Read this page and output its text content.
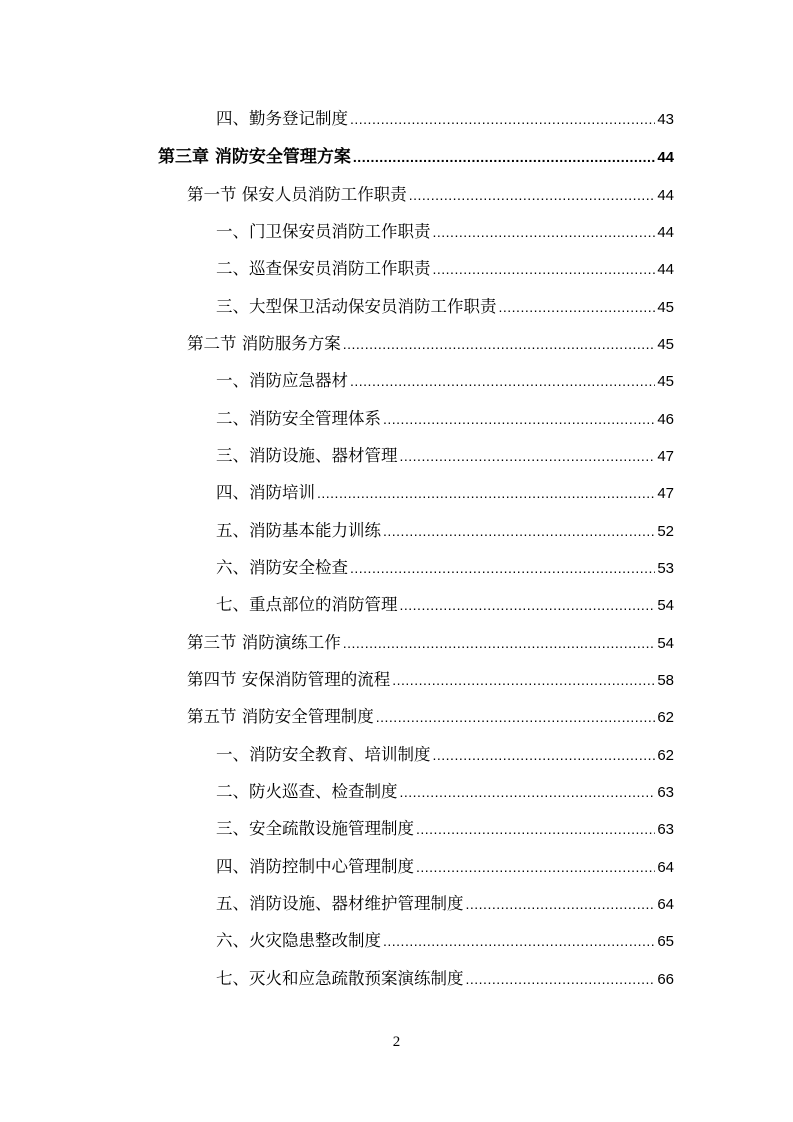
四、勤务登记制度 .....	43
第三章 消防安全管理方案 .....	44
第一节 保安人员消防工作职责 .....	44
一、门卫保安员消防工作职责 .....	44
二、巡查保安员消防工作职责 .....	44
三、大型保卫活动保安员消防工作职责 .....	45
第二节 消防服务方案 .....	45
一、消防应急器材 .....	45
二、消防安全管理体系 .....	46
三、消防设施、器材管理 .....	47
四、消防培训 .....	47
五、消防基本能力训练 .....	52
六、消防安全检查 .....	53
七、重点部位的消防管理 .....	54
第三节 消防演练工作 .....	54
第四节 安保消防管理的流程 .....	58
第五节 消防安全管理制度 .....	62
一、消防安全教育、培训制度 .....	62
二、防火巡查、检查制度 .....	63
三、安全疏散设施管理制度 .....	63
四、消防控制中心管理制度 .....	64
五、消防设施、器材维护管理制度 .....	64
六、火灾隐患整改制度 .....	65
七、灭火和应急疏散预案演练制度 .....	66
2
